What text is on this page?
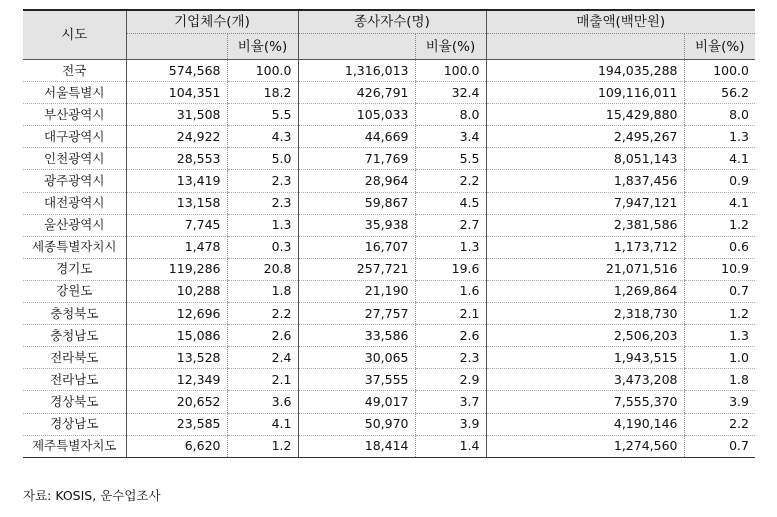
시도	기업체수(개)		종사자수(명)		매출액(백만원)	
		비율(%)		비율(%)		비율(%)
전국	574,568	100.0	1,316,013	100.0	194,035,288	100.0
서울특별시	104,351	18.2	426,791	32.4	109,116,011	56.2
부산광역시	31,508	5.5	105,033	8.0	15,429,880	8.0
대구광역시	24,922	4.3	44,669	3.4	2,495,267	1.3
인천광역시	28,553	5.0	71,769	5.5	8,051,143	4.1
광주광역시	13,419	2.3	28,964	2.2	1,837,456	0.9
대전광역시	13,158	2.3	59,867	4.5	7,947,121	4.1
울산광역시	7,745	1.3	35,938	2.7	2,381,586	1.2
세종특별자치시	1,478	0.3	16,707	1.3	1,173,712	0.6
경기도	119,286	20.8	257,721	19.6	21,071,516	10.9
강원도	10,288	1.8	21,190	1.6	1,269,864	0.7
충청북도	12,696	2.2	27,757	2.1	2,318,730	1.2
충청남도	15,086	2.6	33,586	2.6	2,506,203	1.3
전라북도	13,528	2.4	30,065	2.3	1,943,515	1.0
전라남도	12,349	2.1	37,555	2.9	3,473,208	1.8
경상북도	20,652	3.6	49,017	3.7	7,555,370	3.9
경상남도	23,585	4.1	50,970	3.9	4,190,146	2.2
제주특별자치도	6,620	1.2	18,414	1.4	1,274,560	0.7
자료: KOSIS, 운수업조사
